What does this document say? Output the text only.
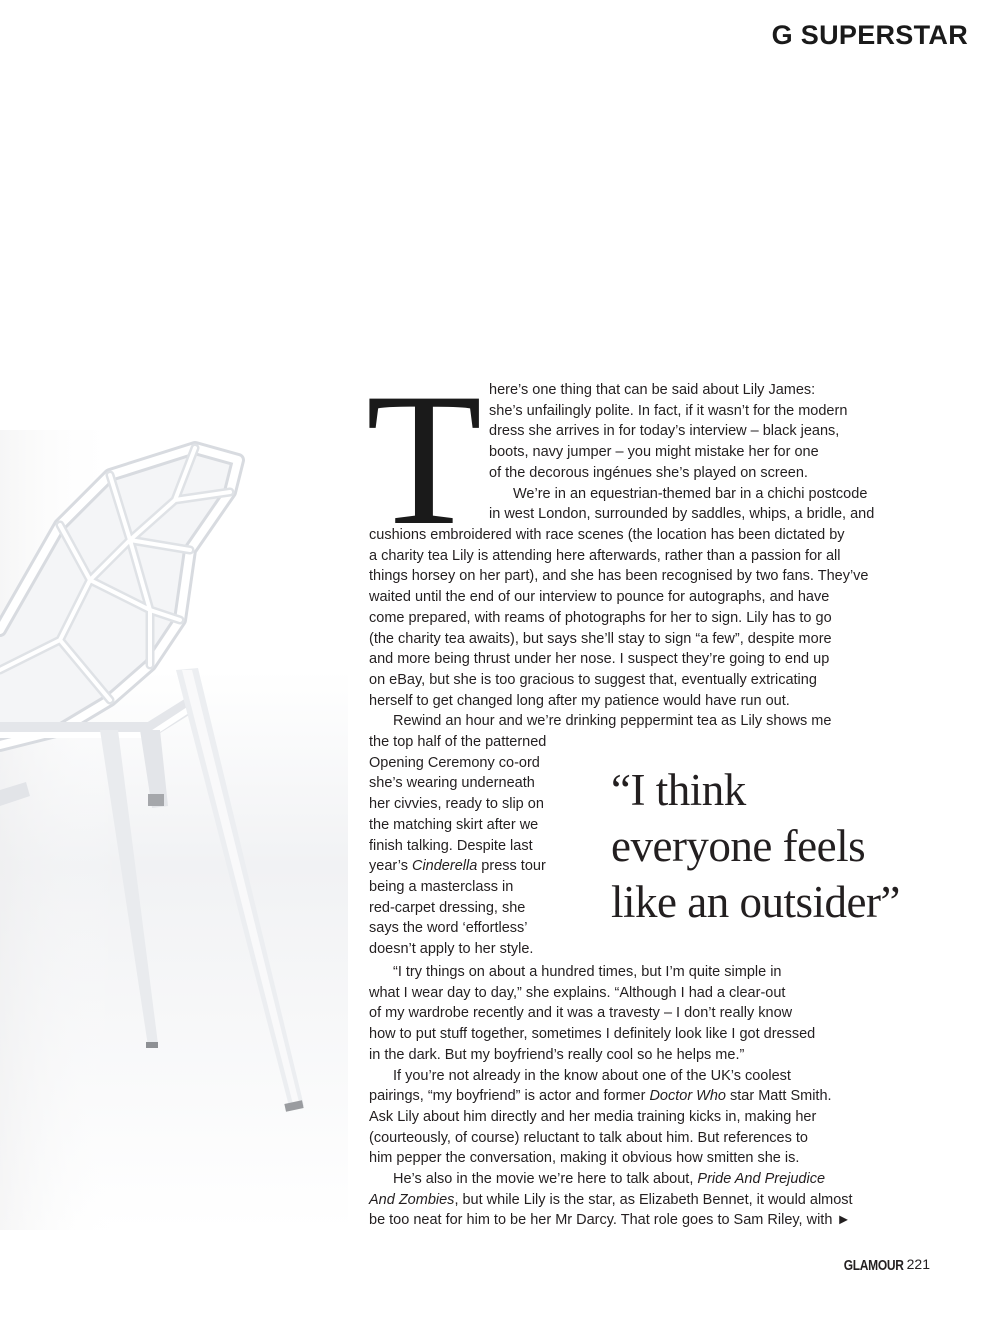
G SUPERSTAR
T here’s one thing that can be said about Lily James:

she’s unfailingly polite. In fact, if it wasn’t for the modern

dress she arrives in for today’s interview – black jeans,

boots, navy jumper – you might mistake her for one

of the decorous ingénues she’s played on screen.

We’re in an equestrian-themed bar in a chichi postcode

in west London, surrounded by saddles, whips, a bridle, and

cushions embroidered with race scenes (the location has been dictated by

a charity tea Lily is attending here afterwards, rather than a passion for all

things horsey on her part), and she has been recognised by two fans. They’ve

waited until the end of our interview to pounce for autographs, and have

come prepared, with reams of photographs for her to sign. Lily has to go

(the charity tea awaits), but says she’ll stay to sign “a few”, despite more

and more being thrust under her nose. I suspect they’re going to end up

on eBay, but she is too gracious to suggest that, eventually extricating

herself to get changed long after my patience would have run out.

Rewind an hour and we’re drinking peppermint tea as Lily shows me

the top half of the patterned

Opening Ceremony co-ord

she’s wearing underneath

her civvies, ready to slip on

the matching skirt after we

finish talking. Despite last

year’s Cinderella press tour

being a masterclass in

red-carpet dressing, she

says the word ‘effortless’

doesn’t apply to her style.

“I think

everyone feels

like an outsider”

“I try things on about a hundred times, but I’m quite simple in

what I wear day to day,” she explains. “Although I had a clear-out

of my wardrobe recently and it was a travesty – I don’t really know

how to put stuff together, sometimes I definitely look like I got dressed

in the dark. But my boyfriend’s really cool so he helps me.”

If you’re not already in the know about one of the UK’s coolest

pairings, “my boyfriend” is actor and former Doctor Who star Matt Smith.

Ask Lily about him directly and her media training kicks in, making her

(courteously, of course) reluctant to talk about him. But references to

him pepper the conversation, making it obvious how smitten she is.

He’s also in the movie we’re here to talk about, Pride And Prejudice

And Zombies, but while Lily is the star, as Elizabeth Bennet, it would almost

be too neat for him to be her Mr Darcy. That role goes to Sam Riley, with ►

GLAMOUR 221
